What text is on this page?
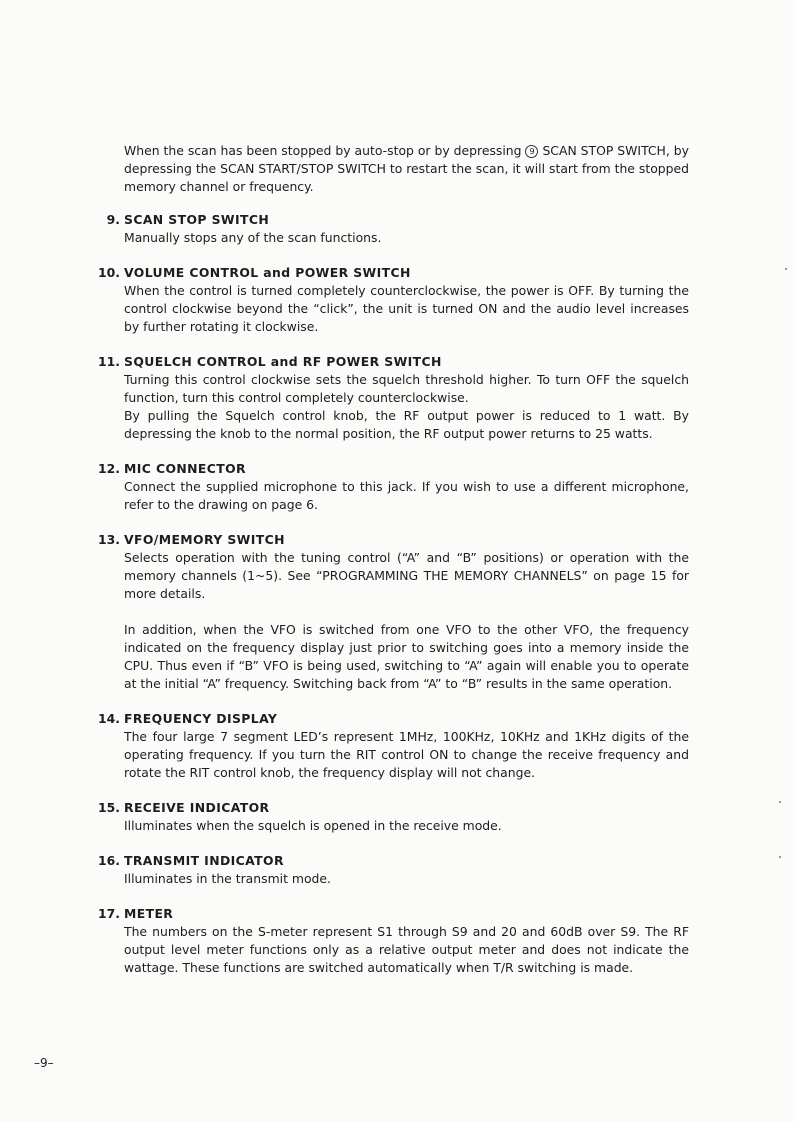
When the scan has been stopped by auto-stop or by depressing 9 SCAN STOP SWITCH, by depressing the SCAN START/STOP SWITCH to restart the scan, it will start from the stopped memory channel or frequency.
9. SCAN STOP SWITCH

Manually stops any of the scan functions.

10. VOLUME CONTROL and POWER SWITCH

When the control is turned completely counterclockwise, the power is OFF. By turning the control clockwise beyond the “click”, the unit is turned ON and the audio level increases by further rotating it clockwise.

11. SQUELCH CONTROL and RF POWER SWITCH

Turning this control clockwise sets the squelch threshold higher. To turn OFF the squelch function, turn this control completely counterclockwise.

By pulling the Squelch control knob, the RF output power is reduced to 1 watt. By depressing the knob to the normal position, the RF output power returns to 25 watts.

12. MIC CONNECTOR

Connect the supplied microphone to this jack. If you wish to use a different microphone, refer to the drawing on page 6.

13. VFO/MEMORY SWITCH

Selects operation with the tuning control (“A” and “B” positions) or operation with the memory channels (1~5). See “PROGRAMMING THE MEMORY CHANNELS” on page 15 for more details.

In addition, when the VFO is switched from one VFO to the other VFO, the frequency indicated on the frequency display just prior to switching goes into a memory inside the CPU. Thus even if “B” VFO is being used, switching to “A” again will enable you to operate at the initial “A” frequency. Switching back from “A” to “B” results in the same operation.

14. FREQUENCY DISPLAY

The four large 7 segment LED’s represent 1MHz, 100KHz, 10KHz and 1KHz digits of the operating frequency. If you turn the RIT control ON to change the receive frequency and rotate the RIT control knob, the frequency display will not change.

15. RECEIVE INDICATOR

Illuminates when the squelch is opened in the receive mode.

16. TRANSMIT INDICATOR

Illuminates in the transmit mode.

17. METER

The numbers on the S-meter represent S1 through S9 and 20 and 60dB over S9. The RF output level meter functions only as a relative output meter and does not indicate the wattage. These functions are switched automatically when T/R switching is made.

–9–
